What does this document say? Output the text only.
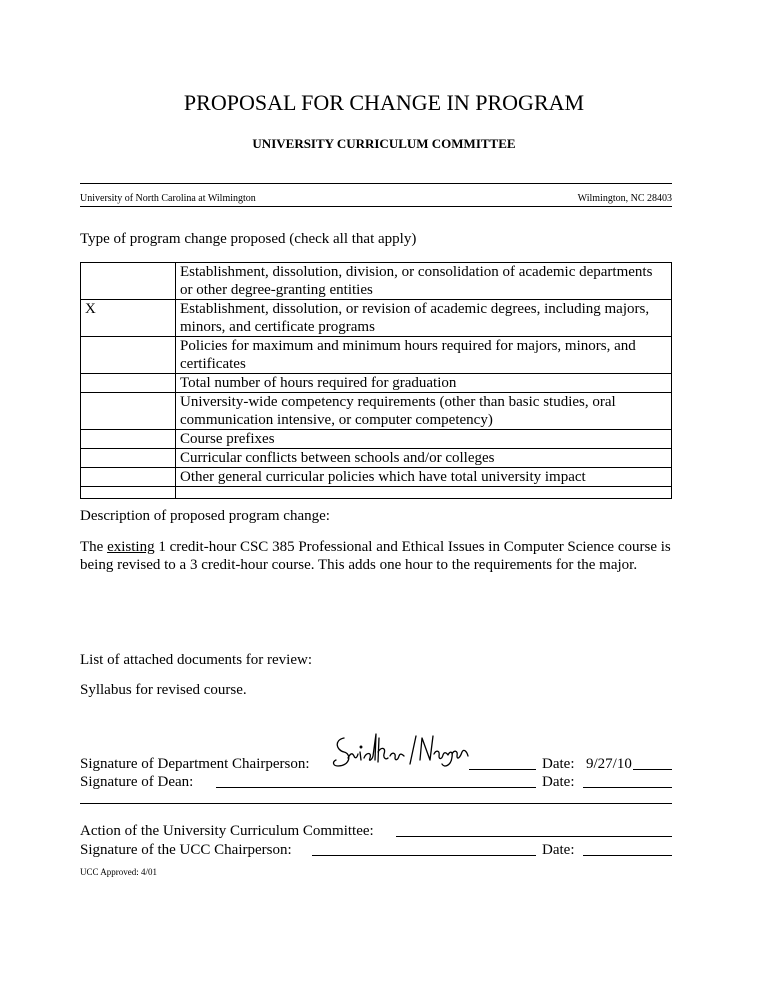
PROPOSAL FOR CHANGE IN PROGRAM
UNIVERSITY CURRICULUM COMMITTEE
University of North Carolina at Wilmington	Wilmington, NC 28403
Type of program change proposed (check all that apply)
	Establishment, dissolution, division, or consolidation of academic departments or other degree-granting entities
X	Establishment, dissolution, or revision of academic degrees, including majors, minors, and certificate programs
	Policies for maximum and minimum hours required for majors, minors, and certificates
	Total number of hours required for graduation
	University-wide competency requirements (other than basic studies, oral communication intensive, or computer competency)
	Course prefixes
	Curricular conflicts between schools and/or colleges
	Other general curricular policies which have total university impact

Description of proposed program change:
The existing 1 credit-hour CSC 385 Professional and Ethical Issues in Computer Science course is being revised to a 3 credit-hour course. This adds one hour to the requirements for the major.
List of attached documents for review:
Syllabus for revised course.
Signature of Department Chairperson:	Date: 9/27/10
Signature of Dean:	Date:
Action of the University Curriculum Committee:
Signature of the UCC Chairperson:	Date:
UCC Approved: 4/01
